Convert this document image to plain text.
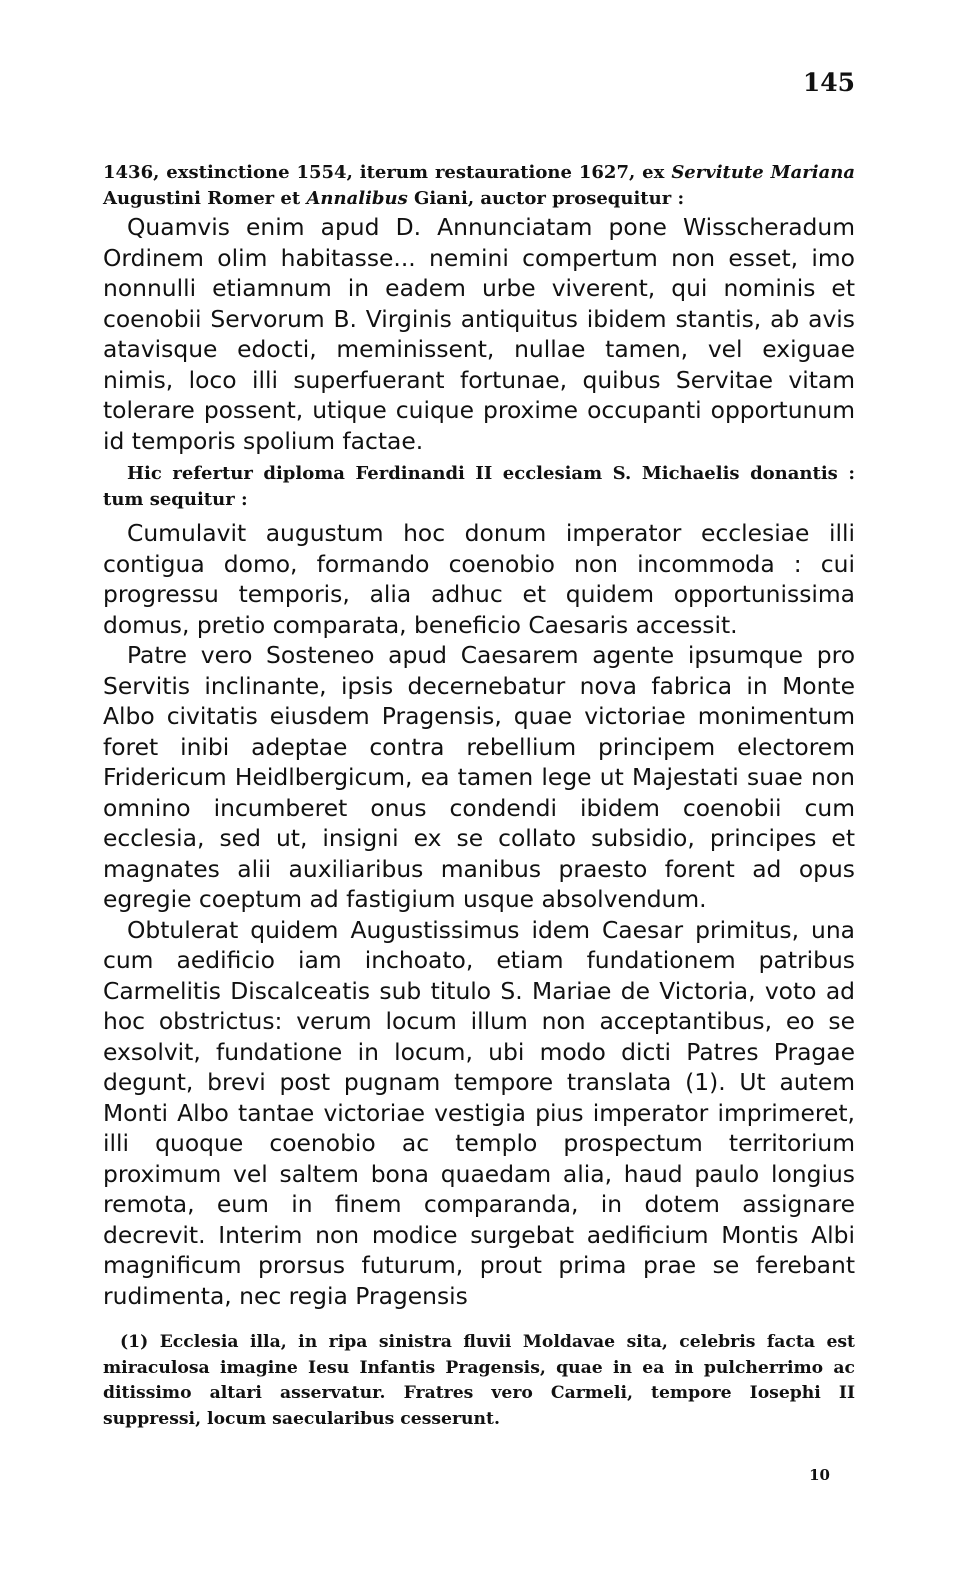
145

1436, exstinctione 1554, iterum restauratione 1627, ex Servitute Mariana Augustini Romer et Annalibus Giani, auctor prosequitur :

Quamvis enim apud D. Annunciatam pone Wisscheradum Ordinem olim habitasse... nemini compertum non esset, imo nonnulli etiamnum in eadem urbe viverent, qui nominis et coenobii Servorum B. Virginis antiquitus ibidem stantis, ab avis atavisque edocti, meminissent, nullae tamen, vel exiguae nimis, loco illi superfuerant fortunae, quibus Servitae vitam tolerare possent, utique cuique proxime occupanti opportunum id temporis spolium factae.

Hic refertur diploma Ferdinandi II ecclesiam S. Michaelis donantis : tum sequitur :

Cumulavit augustum hoc donum imperator ecclesiae illi contigua domo, formando coenobio non incommoda : cui progressu temporis, alia adhuc et quidem opportunissima domus, pretio comparata, beneficio Caesaris accessit.

Patre vero Sosteneo apud Caesarem agente ipsumque pro Servitis inclinante, ipsis decernebatur nova fabrica in Monte Albo civitatis eiusdem Pragensis, quae victoriae monimentum foret inibi adeptae contra rebellium principem electorem Fridericum Heidlbergicum, ea tamen lege ut Majestati suae non omnino incumberet onus condendi ibidem coenobii cum ecclesia, sed ut, insigni ex se collato subsidio, principes et magnates alii auxiliaribus manibus praesto forent ad opus egregie coeptum ad fastigium usque absolvendum.

Obtulerat quidem Augustissimus idem Caesar primitus, una cum aedificio iam inchoato, etiam fundationem patribus Carmelitis Discalceatis sub titulo S. Mariae de Victoria, voto ad hoc obstrictus: verum locum illum non acceptantibus, eo se exsolvit, fundatione in locum, ubi modo dicti Patres Pragae degunt, brevi post pugnam tempore translata (1). Ut autem Monti Albo tantae victoriae vestigia pius imperator imprimeret, illi quoque coenobio ac templo prospectum territorium proximum vel saltem bona quaedam alia, haud paulo longius remota, eum in finem comparanda, in dotem assignare decrevit. Interim non modice surgebat aedificium Montis Albi magnificum prorsus futurum, prout prima prae se ferebant rudimenta, nec regia Pragensis

(1) Ecclesia illa, in ripa sinistra fluvii Moldavae sita, celebris facta est miraculosa imagine Iesu Infantis Pragensis, quae in ea in pulcherrimo ac ditissimo altari asservatur. Fratres vero Carmeli, tempore Iosephi II suppressi, locum saecularibus cesserunt.

10
